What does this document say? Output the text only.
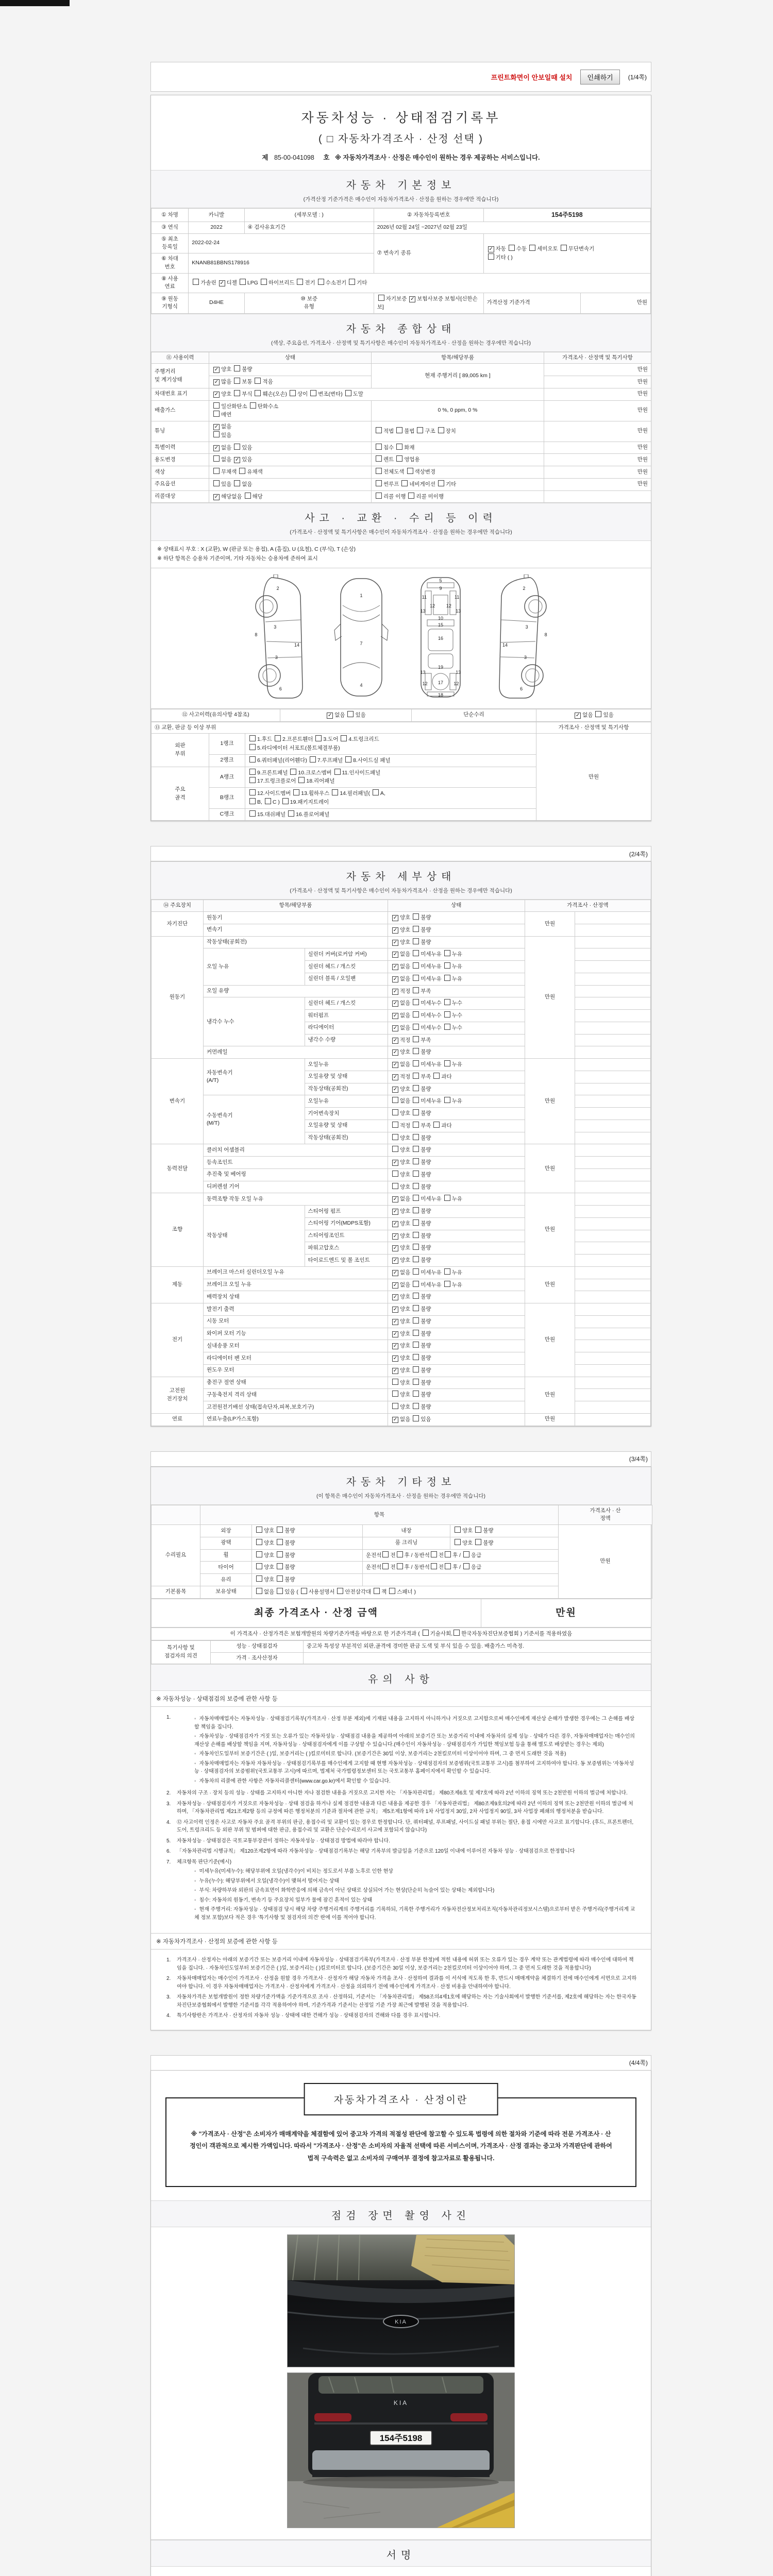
프린트화면이 안보일때 설치	인쇄하기	(1/4쪽)
자동차성능 · 상태점검기록부
( □ 자동차가격조사 · 산정 선택 )
제 85-00-041098 호 ※ 자동차가격조사 · 산정은 매수인이 원하는 경우 제공하는 서비스입니다.
자동차 기본정보
(가격산정 기준가격은 매수인이 자동차가격조사 · 산정을 원하는 경우에만 적습니다)
① 차명	카니발	(세부모델 : )	② 자동차등록번호	154주5198	
③ 연식	2022	④ 검사유효기간	2026년 02월 24일 ~2027년 02월 23일		
⑤ 최초
등록일	2022-02-24		⑦ 변속기 종류	✓ 자동 수동 세미오토 무단변속기
기타 ( )	
⑥ 차대
번호	KNANB81BBNS178916				
⑧ 사용
연료	가솔린 ✓ 디젤 LPG 하이브리드 전기 수소전기 기타				
⑨ 원동
기형식	D4HE	⑩ 보증
유형	자기보증 ✓ 보험사보증 보험사[신한손보]	가격산정 기준가격	만원
자동차 종합상태
(색상, 주요옵션, 가격조사 · 산정액 및 특기사항은 매수인이 자동차가격조사 · 산정을 원하는 경우에만 적습니다)
⑪ 사용이력	상태	항목/해당부품	가격조사 · 산정액 및 특기사항
주행거리
및 계기상태	✓ 양호 불량	현재 주행거리 [ 89,005 km ]	만원
	✓ 많음 보통 적음		만원
차대번호 표기	✓ 양호 부식 훼손(오손) 상이 변조(변타) 도말		만원
배출가스	일산화탄소 탄화수소
매연	0 %, 0 ppm, 0 %	만원
튜닝	✓ 없음
있음	적법 불법 구조 장치	만원
특별이력	✓ 없음 있음	침수 화재	만원
용도변경	없음 ✓ 있음	렌트 영업용	만원
색상	무채색 유채색	전체도색 색상변경	만원
주요옵션	있음 없음	썬루프 네비게이션 기타	만원
리콜대상	✓ 해당없음 해당	리콜 이행 리콜 미이행	
사고 · 교환 · 수리 등 이력
(가격조사 · 산정액 및 특기사항은 매수인이 자동차가격조사 · 산정을 원하는 경우에만 적습니다)
※ 상태표시 부호 : X (교환), W (판금 또는 용접), A (흠집), U (요철), C (부식), T (손상)
※ 하단 항목은 승용차 기준이며, 기타 자동차는 승용차에 준하여 표시
2
3
8
14
3
6
1
7
4
5
9
11	11
12 12
13	13
10
15
16
19
13	13
12 17 12
18
2
3
8
14
3
6
⑫ 사고이력(유의사항 4참조)	✓ 없음 있음	단순수리	✓ 없음 있음
⑬ 교환, 판금 등 이상 부위			가격조사 · 산정액 및 특기사항
외판
부위	1랭크	1.후드 2.프론트휀더 3.도어 4.트렁크리드
5.라디에이터 서포트(볼트체결부품)	만원
	2랭크	6.쿼터패널(리어휀다) 7.루프패널 8.사이드실 패널	
주요
골격	A랭크	9.프론트패널 10.크로스멤버 11.인사이드패널
17.트렁크플로어 18.리어패널	
	B랭크	12.사이드멤버 13.휠하우스 14.필러패널( A,
B, C ) 19.패키지트레이	
	C랭크	15.대쉬패널 16.플로어패널	
(2/4쪽)
자동차 세부상태
(가격조사 · 산정액 및 특기사항은 매수인이 자동차가격조사 · 산정을 원하는 경우에만 적습니다)
⑭ 주요장치	항목/해당부품		상태	가격조사 · 산정액	
자기진단	원동기		✓ 양호 불량	만원	
	변속기		✓ 양호 불량		
원동기	작동상태(공회전)		✓ 양호 불량	만원	
	오일 누유	실린더 커버(로커암 커버)	✓ 없음 미세누유 누유		
		실린더 헤드 / 개스킷	✓ 없음 미세누유 누유		
		실린더 블록 / 오일팬	✓ 없음 미세누유 누유		
	오일 유량		✓ 적정 부족		
	냉각수 누수	실린더 헤드 / 개스킷	✓ 없음 미세누수 누수		
		워터펌프	✓ 없음 미세누수 누수		
		라디에이터	✓ 없음 미세누수 누수		
		냉각수 수량	✓ 적정 부족		
	커먼레일		✓ 양호 불량		
변속기	자동변속기
(A/T)	오일누유	✓ 없음 미세누유 누유	만원	
		오일유량 및 상태	✓ 적정 부족 과다		
		작동상태(공회전)	✓ 양호 불량		
	수동변속기
(M/T)	오일누유	없음 미세누유 누유		
		기어변속장치	양호 불량		
		오일유량 및 상태	적정 부족 과다		
		작동상태(공회전)	양호 불량		
동력전달	클러치 어셈블리		양호 불량	만원	
	등속조인트		✓ 양호 불량		
	추진축 및 베어링		양호 불량		
	디퍼렌셜 기어		양호 불량		
조향	동력조향 작동 오일 누유		✓ 없음 미세누유 누유	만원	
	작동상태	스티어링 펌프	✓ 양호 불량		
		스티어링 기어(MDPS포함)	✓ 양호 불량		
		스티어링조인트	✓ 양호 불량		
		파워고압호스	✓ 양호 불량		
		타이로드엔드 및 볼 조인트	✓ 양호 불량		
제동	브레이크 마스터 실린더오일 누유		✓ 없음 미세누유 누유	만원	
	브레이크 오일 누유		✓ 없음 미세누유 누유		
	배력장치 상태		✓ 양호 불량		
전기	발전기 출력		✓ 양호 불량	만원	
	시동 모터		✓ 양호 불량		
	와이퍼 모터 기능		✓ 양호 불량		
	실내송풍 모터		✓ 양호 불량		
	라디에이터 팬 모터		✓ 양호 불량		
	윈도우 모터		✓ 양호 불량		
고전원
전기장치	충전구 절연 상태		양호 불량	만원	
	구동축전지 격리 상태		양호 불량		
	고전원전기배선 상태(접속단자,피복,보호기구)		양호 불량		
연료	연료누출(LP가스포함)		✓ 없음 있음	만원	
(3/4쪽)
자동차 기타정보
(이 항목은 매수인이 자동차가격조사 · 산정을 원하는 경우에만 적습니다)
	항목				가격조사 · 산
정액
수리필요	외장	양호 불량	내장	양호 불량	만원
	광택	양호 불량	룸 크리닝	양호 불량	
	휠	양호 불량	운전석 전 후 / 동반석 전 후 / 응급		
	타이어	양호 불량	운전석 전 후 / 동반석 전 후 / 응급		
	유리	양호 불량			
기본품목	보유상태	없음 있음 ( 사용설명서 안전삼각대 잭 스패너 )			
최종 가격조사 · 산정 금액	만원
이 가격조사 · 산정가격은 보험개발원의 차량기준가액을 바탕으로 한 기준가격과 ( 기술사회, 한국자동차진단보증협회 ) 기준서를 적용하였음
특기사항 및
점검자의 의견	성능 · 상태점검자	중고차 특성상 부분적인 외판,골격에 경미한 판금 도색 및 부식 있을 수 있음. 배출가스 미측정.
	가격 · 조사산정자	
유의 사항
※ 자동차성능 · 상태점검의 보증에 관한 사항 등
1.	◦ 자동차매매업자는 자동차성능 · 상태점검기록부(가격조사 · 산정 부분 제외)에 기재된 내용을 고지하지 아니하거나 거짓으로 고지함으로써 매수인에게 재산상 손해가 발생한 경우에는 그 손해를 배상할 책임을 집니다.
◦ 자동차성능 · 상태점검자가 거짓 또는 오류가 있는 자동차성능 · 상태점검 내용을 제공하여 아래의 보증기간 또는 보증거리 이내에 자동차의 실제 성능 · 상태가 다른 경우, 자동차매매업자는 매수인의 재산상 손해를 배상할 책임을 지며, 자동차성능 · 상태점검자에게 이를 구상할 수 있습니다.(매수인이 자동차성능 · 상태점검자가 가입한 책임보험 등을 통해 별도로 배상받는 경우는 제외)
◦ 자동차인도일부터 보증기간은 ( )일, 보증거리는 ( )킬로미터로 합니다. (보증기간은 30일 이상, 보증거리는 2천킬로미터 이상이어야 하며, 그 중 먼저 도래한 것을 적용)
◦ 자동차매매업자는 자동차 자동차성능 · 상태점검기록부를 매수인에게 고지할 때 현행 자동차성능 · 상태점검자의 보증범위(국토교통부 고시)를 첨부하여 고지하여야 합니다. 동 보증범위는 '자동차성능 · 상태점검자의 보증범위'(국토교통부 고시)에 따르며, 법제처 국가법령정보센터 또는 국토교통부 홈페이지에서 확인할 수 있습니다.
◦ 자동차의 리콜에 관한 사항은 자동차리콜센터(www.car.go.kr)에서 확인할 수 있습니다.
2.	자동차의 구조 · 장치 등의 성능 · 상태를 고지하지 아니한 자나 점검한 내용을 거짓으로 고지한 자는 「자동차관리법」 제80조제6호 및 제7호에 따라 2년 이하의 징역 또는 2천만원 이하의 벌금에 처합니다.
3.	자동차성능 · 상태점검자가 거짓으로 자동차성능 · 상태 점검을 하거나 실제 점검한 내용과 다른 내용을 제공한 경우 「자동차관리법」 제80조제9호의2에 따라 2년 이하의 징역 또는 2천만원 이하의 벌금에 처하며, 「자동차관리법 제21조제2항 등의 규정에 따른 행정처분의 기준과 절차에 관한 규칙」 제5조제1항에 따라 1차 사업정지 30일, 2차 사업정지 90일, 3차 사업장 폐쇄의 행정처분을 받습니다.
4.	⑫ 사고이력 인정은 사고로 자동차 주요 골격 부위의 판금, 용접수리 및 교환이 있는 경우로 한정합니다. 단, 쿼터패널, 루프패널, 사이드실 패널 부위는 절단, 용접 시에만 사고로 표기합니다. (후드, 프론트펜더, 도어, 트렁크리드 등 외판 부위 및 범퍼에 대한 판금, 용접수리 및 교환은 단순수리로서 사고에 포함되지 않습니다)
5.	자동차성능 · 상태점검은 국토교통부장관이 정하는 자동차성능 · 상태점검 방법에 따라야 합니다.
6.	「자동차관리법 시행규칙」 제120조제2항에 따라 자동차성능 · 상태점검기록부는 해당 기록부의 발급일을 기준으로 120일 이내에 이루어진 자동차 성능 · 상태점검으로 한정합니다
7.	체크항목 판단기준(예시)
◦ 미세누유(미세누수): 해당부위에 오일(냉각수)이 비치는 정도로서 부품 노후로 인한 현상
◦ 누유(누수): 해당부위에서 오일(냉각수)이 맺혀서 떨어지는 상태
◦ 부식: 차량하부와 외판의 금속표면이 화학반응에 의해 금속이 아닌 상태로 상실되어 가는 현상(단순히 녹슬어 있는 상태는 제외합니다)
◦ 침수: 자동차의 원동기, 변속기 등 주요장치 일부가 물에 잠긴 흔적이 있는 상태
◦ 현재 주행거리: 자동차성능 · 상태점검 당시 해당 차량 주행거리계의 주행거리를 기록하되, 기록한 주행거리가 자동차전산정보처리조직(자동차관리정보시스템)으로부터 받은 주행거리(주행거리계 교체 정보 포함)보다 적은 경우 '특기사항 및 점검자의 의견' 란에 이를 적어야 합니다.
※ 자동차가격조사 · 산정의 보증에 관한 사항 등
1.	가격조사 · 산정자는 아래의 보증기간 또는 보증거리 이내에 자동차성능 · 상태점검기록부(가격조사 · 산정 부분 한정)에 적힌 내용에 허위 또는 오류가 있는 경우 계약 또는 관계법령에 따라 매수인에 대하여 책임을 집니다. · 자동차인도일부터 보증기간은 ( )일, 보증거리는 ( )킬로미터로 합니다. (보증기간은 30일 이상, 보증거리는 2천킬로미터 이상이어야 하며, 그 중 먼저 도래한 것을 적용합니다)
2.	자동차매매업자는 매수인이 가격조사 · 산정을 원할 경우 가격조사 · 산정자가 해당 자동차 가격을 조사 · 산정하여 결과를 이 서식에 적도록 한 후, 반드시 매매계약을 체결하기 전에 매수인에게 서면으로 고지하여야 합니다. 이 경우 자동차매매업자는 가격조사 · 산정자에게 가격조사 · 산정을 의뢰하기 전에 매수인에게 가격조사 · 산정 비용을 안내하여야 합니다.
3.	자동차가격은 보험개발원이 정한 차량기준가액을 기준가격으로 조사 · 산정하되, 기준서는 「자동차관리법」 제58조의4제1호에 해당하는 자는 기술사회에서 발행한 기준서를, 제2호에 해당하는 자는 한국자동차진단보증협회에서 발행한 기준서를 각각 적용하여야 하며, 기준가격과 기준서는 산정일 기준 가장 최근에 발행된 것을 적용합니다.
4.	특기사항란은 가격조사 · 산정자의 자동차 성능 · 상태에 대한 견해가 성능 · 상태점검자의 견해와 다를 경우 표시합니다.
(4/4쪽)
자동차가격조사 · 산정이란
※ "가격조사 · 산정"은 소비자가 매매계약을 체결함에 있어 중고차 가격의 적절성 판단에 참고할 수 있도록 법령에 의한 절차와 기준에 따라 전문 가격조사 · 산정인이 객관적으로 제시한 가액입니다. 따라서 "가격조사 · 산정"은 소비자의 자율적 선택에 따른 서비스이며, 가격조사 · 산정 결과는 중고차 가격판단에 관하여 법적 구속력은 없고 소비자의 구매여부 결정에 참고자료로 활용됩니다.
점검 장면 촬영 사진
KIA
KIA
154주5198
서명
